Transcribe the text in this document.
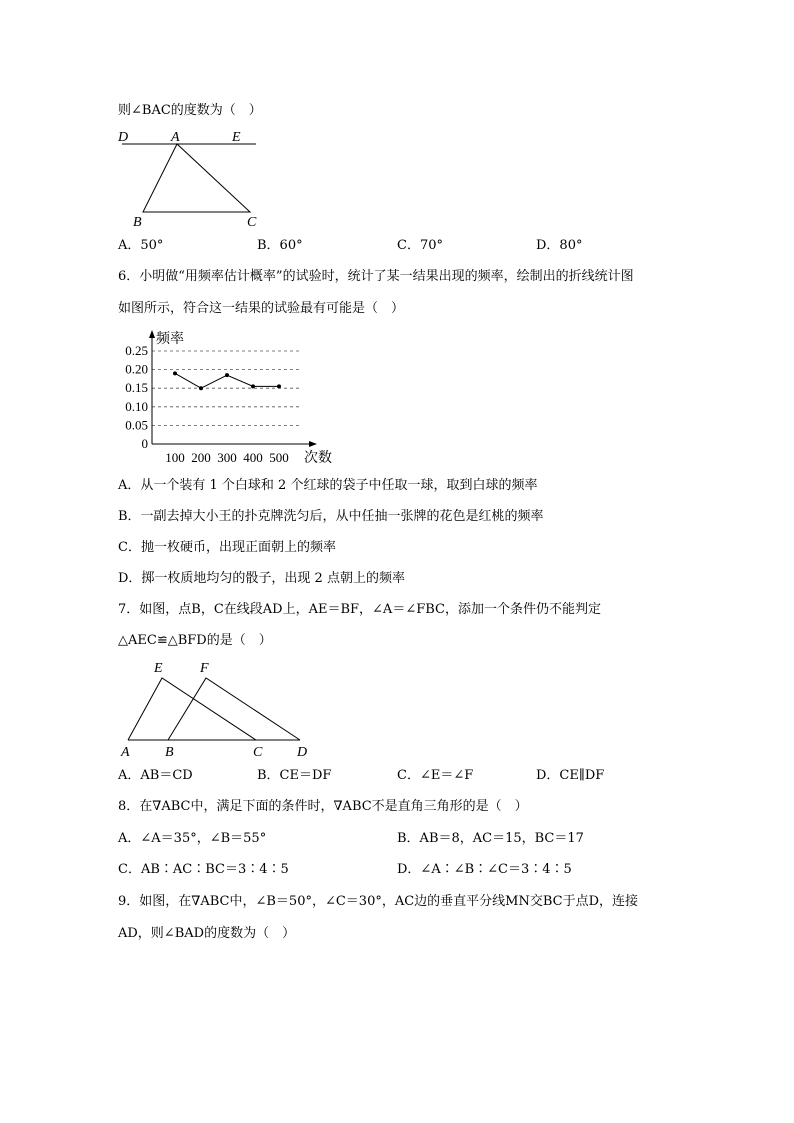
则∠BAC的度数为（　）
D	A	E
B	C
A．50°	B．60°	C．70°	D．80°
6．小明做“用频率估计概率”的试验时，统计了某一结果出现的频率，绘制出的折线统计图
如图所示，符合这一结果的试验最有可能是（　）
频率
次数
0
0.05
0.10
0.15
0.20
0.25
100 200 300 400 500
A．从一个装有 1 个白球和 2 个红球的袋子中任取一球，取到白球的频率
B．一副去掉大小王的扑克牌洗匀后，从中任抽一张牌的花色是红桃的频率
C．抛一枚硬币，出现正面朝上的频率
D．掷一枚质地均匀的骰子，出现 2 点朝上的频率
7．如图，点B，C在线段AD上，AE＝BF，∠A＝∠FBC，添加一个条件仍不能判定
△AEC≌△BFD的是（　）
E	F
A	B	C D
A．AB＝CD	B．CE＝DF	C．∠E＝∠F	D．CE∥DF
8．在∇ABC中，满足下面的条件时，∇ABC不是直角三角形的是（　）
A．∠A＝35°，∠B＝55°	B．AB＝8，AC＝15，BC＝17
C．AB∶AC∶BC＝3∶4∶5	D．∠A∶∠B∶∠C＝3∶4∶5
9．如图，在∇ABC中，∠B＝50°，∠C＝30°，AC边的垂直平分线MN交BC于点D，连接
AD，则∠BAD的度数为（　）
